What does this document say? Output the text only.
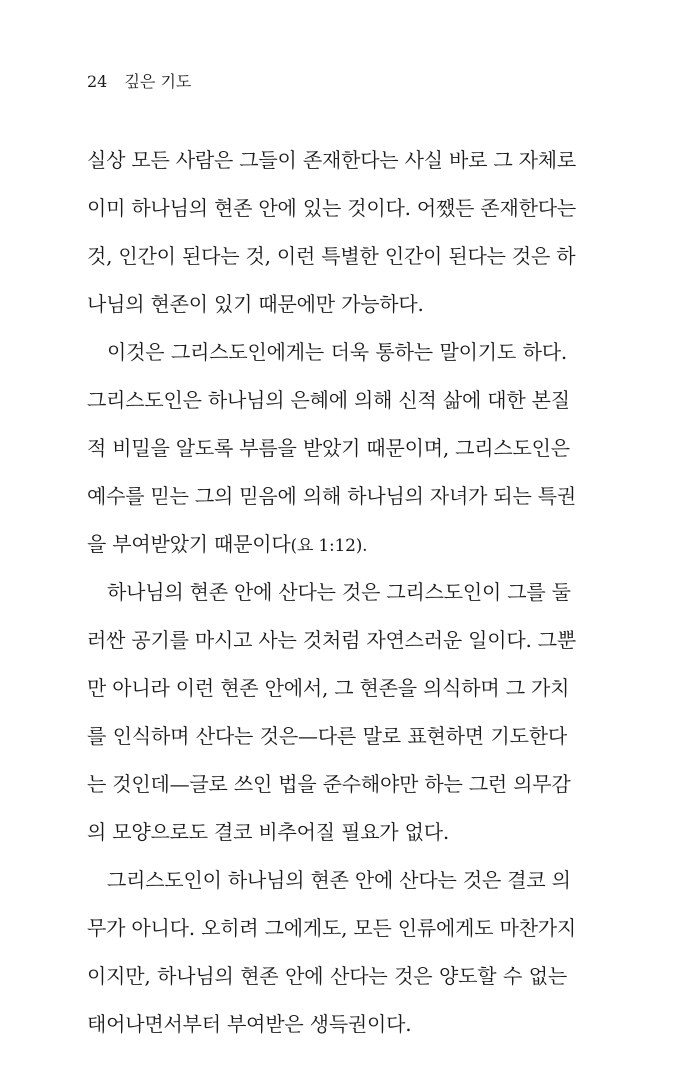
24 깊은 기도
실상 모든 사람은 그들이 존재한다는 사실 바로 그 자체로
이미 하나님의 현존 안에 있는 것이다. 어쨌든 존재한다는
것, 인간이 된다는 것, 이런 특별한 인간이 된다는 것은 하
나님의 현존이 있기 때문에만 가능하다.
이것은 그리스도인에게는 더욱 통하는 말이기도 하다.
그리스도인은 하나님의 은혜에 의해 신적 삶에 대한 본질
적 비밀을 알도록 부름을 받았기 때문이며, 그리스도인은
예수를 믿는 그의 믿음에 의해 하나님의 자녀가 되는 특권
을 부여받았기 때문이다(요 1:12).
하나님의 현존 안에 산다는 것은 그리스도인이 그를 둘
러싼 공기를 마시고 사는 것처럼 자연스러운 일이다. 그뿐
만 아니라 이런 현존 안에서, 그 현존을 의식하며 그 가치
를 인식하며 산다는 것은—다른 말로 표현하면 기도한다
는 것인데—글로 쓰인 법을 준수해야만 하는 그런 의무감
의 모양으로도 결코 비추어질 필요가 없다.
그리스도인이 하나님의 현존 안에 산다는 것은 결코 의
무가 아니다. 오히려 그에게도, 모든 인류에게도 마찬가지
이지만, 하나님의 현존 안에 산다는 것은 양도할 수 없는
태어나면서부터 부여받은 생득권이다.
